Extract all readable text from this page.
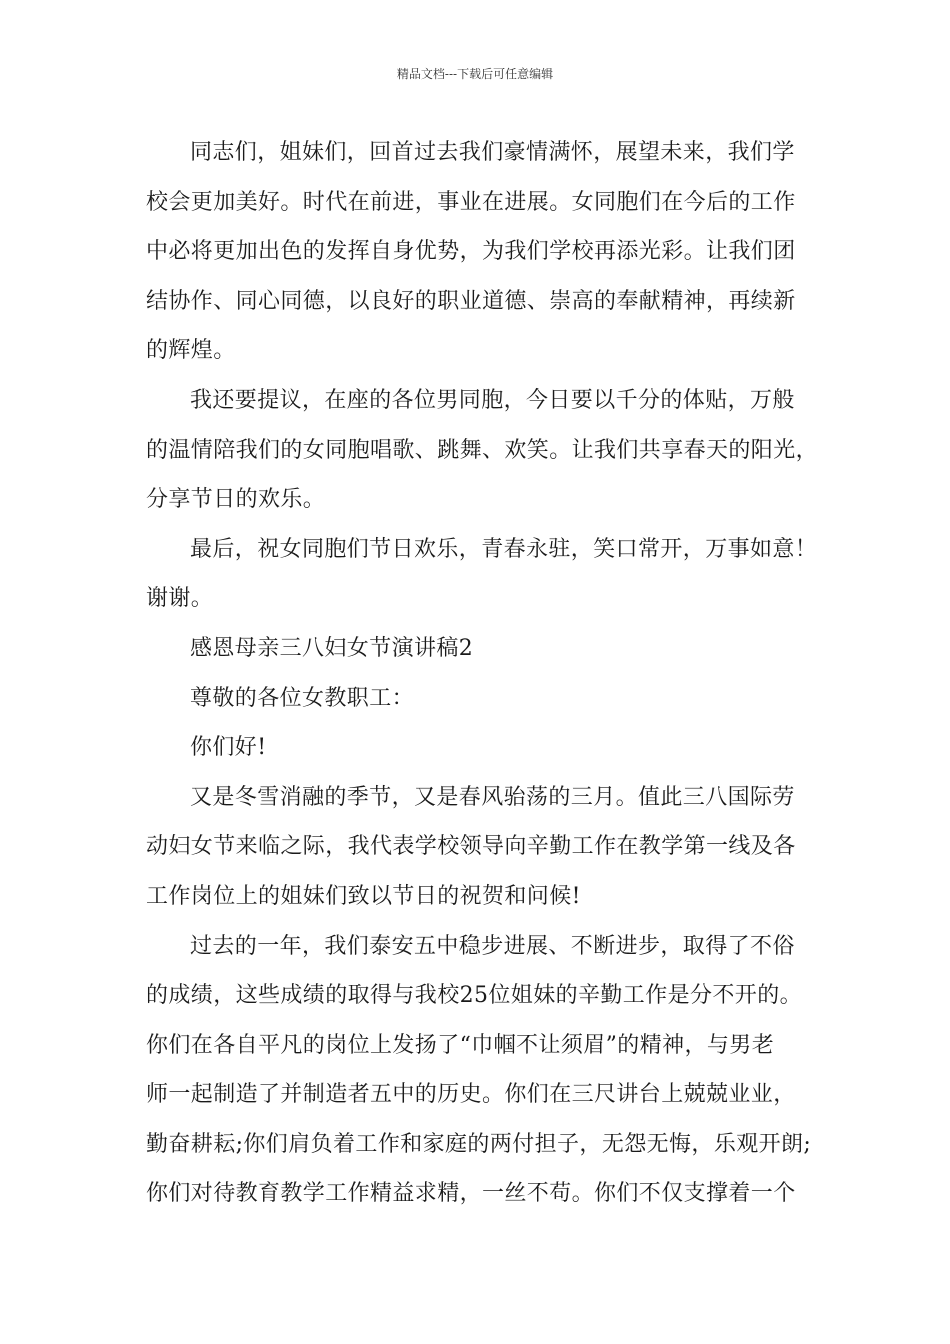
精品文档---下载后可任意编辑
同志们，姐妹们，回首过去我们豪情满怀，展望未来，我们学
校会更加美好。时代在前进，事业在进展。女同胞们在今后的工作
中必将更加出色的发挥自身优势，为我们学校再添光彩。让我们团
结协作、同心同德，以良好的职业道德、崇高的奉献精神，再续新
的辉煌。
我还要提议，在座的各位男同胞，今日要以千分的体贴，万般
的温情陪我们的女同胞唱歌、跳舞、欢笑。让我们共享春天的阳光，
分享节日的欢乐。
最后，祝女同胞们节日欢乐，青春永驻，笑口常开，万事如意！
谢谢。
感恩母亲三八妇女节演讲稿2
尊敬的各位女教职工：
你们好!
又是冬雪消融的季节，又是春风骀荡的三月。值此三八国际劳
动妇女节来临之际，我代表学校领导向辛勤工作在教学第一线及各
工作岗位上的姐妹们致以节日的祝贺和问候!
过去的一年，我们泰安五中稳步进展、不断进步，取得了不俗
的成绩，这些成绩的取得与我校25位姐妹的辛勤工作是分不开的。
你们在各自平凡的岗位上发扬了“巾帼不让须眉”的精神，与男老
师一起制造了并制造者五中的历史。你们在三尺讲台上兢兢业业，
勤奋耕耘;你们肩负着工作和家庭的两付担子，无怨无悔，乐观开朗;
你们对待教育教学工作精益求精，一丝不苟。你们不仅支撑着一个
